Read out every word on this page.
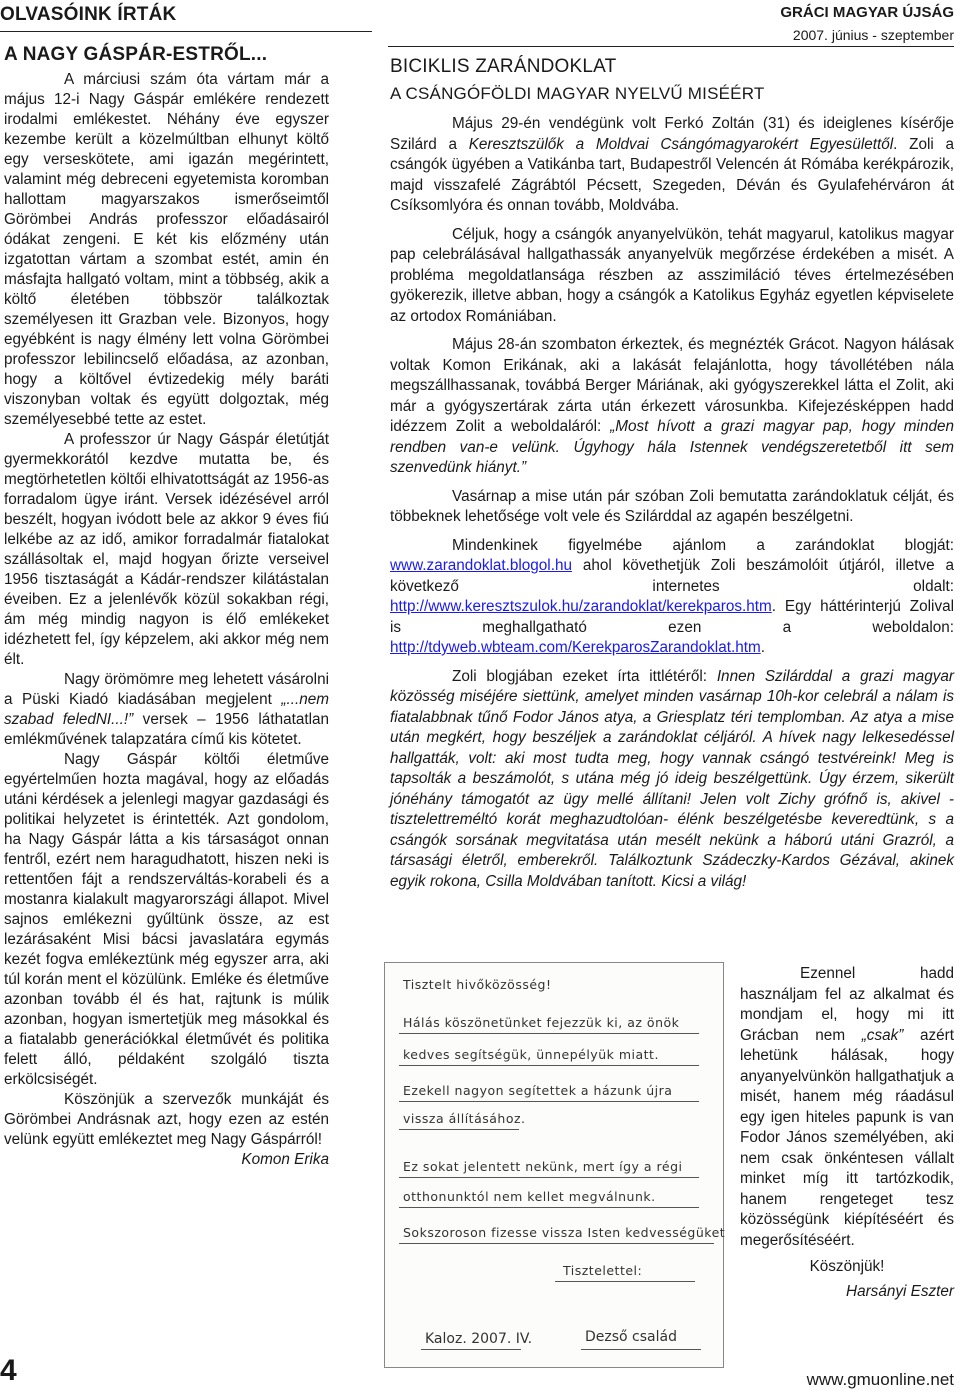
OLVASÓINK ÍRTÁK	GRÁCI MAGYAR ÚJSÁG
2007. június - szeptember
A NAGY GÁSPÁR-ESTRŐL...

A márciusi szám óta vártam már a május 12-i Nagy Gáspár emlékére rendezett irodalmi emlékestet. Néhány éve egyszer kezembe került a közelmúltban elhunyt költő egy verseskötete, ami igazán megérintett, valamint még debreceni egyetemista koromban hallottam magyarszakos ismerőseimtől Görömbei András professzor előadásairól ódákat zengeni. E két kis előzmény után izgatottan vártam a szombat estét, amin én másfajta hallgató voltam, mint a többség, akik a költő életében többször találkoztak személyesen itt Grazban vele. Bizonyos, hogy egyébként is nagy élmény lett volna Görömbei professzor lebilincselő előadása, az azonban, hogy a költővel évtizedekig mély baráti viszonyban voltak és együtt dolgoztak, még személyesebbé tette az estet.

A professzor úr Nagy Gáspár életútját gyermekkorától kezdve mutatta be, és megtörhetetlen költői elhivatottságát az 1956-as forradalom ügye iránt. Versek idézésével arról beszélt, hogyan ivódott bele az akkor 9 éves fiú lelkébe az az idő, amikor forradalmár fiatalokat szállásoltak el, majd hogyan őrizte verseivel 1956 tisztaságát a Kádár-rendszer kilátástalan éveiben. Ez a jelenlévők közül sokakban régi, ám még mindig nagyon is élő emlékeket idézhetett fel, így képzelem, aki akkor még nem élt.

Nagy örömömre meg lehetett vásárolni a Püski Kiadó kiadásában megjelent „...nem szabad feledNI...!” versek – 1956 láthatatlan emlékművének talapzatára című kis kötetet.

Nagy Gáspár költői életműve egyértelműen hozta magával, hogy az előadás utáni kérdések a jelenlegi magyar gazdasági és politikai helyzetet is érintették. Azt gondolom, ha Nagy Gáspár látta a kis társaságot onnan fentről, ezért nem haragudhatott, hiszen neki is rettentően fájt a rendszerváltás-korabeli és a mostanra kialakult magyarországi állapot. Mivel sajnos emlékezni gyűltünk össze, az est lezárásaként Misi bácsi javaslatára egymás kezét fogva emlékeztünk még egyszer arra, aki túl korán ment el közülünk. Emléke és életműve azonban tovább él és hat, rajtunk is múlik azonban, hogyan ismertetjük meg másokkal és a fiatalabb generációkkal életművét és politika felett álló, példaként szolgáló tiszta erkölcsiségét.

Köszönjük a szervezők munkáját és Görömbei Andrásnak azt, hogy ezen az estén velünk együtt emlékeztet meg Nagy Gáspárról!
Komon Erika

BICIKLIS ZARÁNDOKLAT
A CSÁNGÓFÖLDI MAGYAR NYELVŰ MISÉÉRT

Május 29-én vendégünk volt Ferkó Zoltán (31) és ideiglenes kísérője Szilárd a Keresztszülők a Moldvai Csángómagyarokért Egyesülettől. Zoli a csángók ügyében a Vatikánba tart, Budapestről Velencén át Rómába kerékpározik, majd visszafelé Zágrábtól Pécsett, Szegeden, Déván és Gyulafehérváron át Csíksomlyóra és onnan tovább, Moldvába.

Céljuk, hogy a csángók anyanyelvükön, tehát magyarul, katolikus magyar pap celebrálásával hallgathassák anyanyelvük megőrzése érdekében a misét. A probléma megoldatlansága részben az asszimiláció téves értelmezésében gyökerezik, illetve abban, hogy a csángók a Katolikus Egyház egyetlen képviselete az ortodox Romániában.

Május 28-án szombaton érkeztek, és megnézték Grácot. Nagyon hálásak voltak Komon Erikának, aki a lakását felajánlotta, hogy távollétében nála megszállhassanak, továbbá Berger Máriának, aki gyógyszerekkel látta el Zolit, aki már a gyógyszertárak zárta után érkezett városunkba. Kifejezésképpen hadd idézzem Zolit a weboldaláról: „Most hívott a grazi magyar pap, hogy minden rendben van-e velünk. Úgyhogy hála Istennek vendégszeretetből itt sem szenvedünk hiányt.”

Vasárnap a mise után pár szóban Zoli bemutatta zarándoklatuk célját, és többeknek lehetősége volt vele és Szilárddal az agapén beszélgetni.

Mindenkinek figyelmébe ajánlom a zarándoklat blogját: www.zarandoklat.blogol.hu ahol követhetjük Zoli beszámolóit útjáról, illetve a következő internetes oldalt: http://www.keresztszulok.hu/zarandoklat/kerekparos.htm. Egy háttérinterjú Zolival is meghallgatható ezen a weboldalon: http://tdyweb.wbteam.com/KerekparosZarandoklat.htm.

Zoli blogjában ezeket írta ittlétéről: Innen Szilárddal a grazi magyar közösség miséjére siettünk, amelyet minden vasárnap 10h-kor celebrál a nálam is fiatalabbnak tűnő Fodor János atya, a Griesplatz téri templomban. Az atya a mise után megkért, hogy beszéljek a zarándoklat céljáról. A hívek nagy lelkesedéssel hallgatták, volt: aki most tudta meg, hogy vannak csángó testvéreink! Meg is tapsolták a beszámolót, s utána még jó ideig beszélgettünk. Úgy érzem, sikerült jónéhány támogatót az ügy mellé állítani! Jelen volt Zichy grófnő is, akivel -tisztelettreméltó korát meghazudtolóan- élénk beszélgetésbe keveredtünk, s a csángók sorsának megvitatása után mesélt nekünk a háború utáni Grazról, a társasági életről, emberekről. Találkoztunk Szádeczky-Kardos Gézával, akinek egyik rokona, Csilla Moldvában tanított. Kicsi a világ!

Tisztelt hivőközösség!
Hálás köszönetünket fejezzük ki, az önök
kedves segítségük, ünnepélyük miatt.
Ezekell nagyon segítettek a házunk újra
vissza állításához.
Ez sokat jelentett nekünk, mert így a régi
otthonunktól nem kellet megválnunk.
Sokszoroson fizesse vissza Isten kedvességüket
Tisztelettel:
Kaloz. 2007. IV.	Dezső család

Ezennel hadd használjam fel az alkalmat és mondjam el, hogy mi itt Grácban nem „csak” azért lehetünk hálásak, hogy anyanyelvünkön hallgathatjuk a misét, hanem még ráadásul egy igen hiteles papunk is van Fodor János személyében, aki nem csak önkéntesen vállalt minket míg itt tartózkodik, hanem rengeteget tesz közösségünk kiépítéséért és megerősítéséért.

Köszönjük!

Harsányi Eszter

4	www.gmuonline.net
